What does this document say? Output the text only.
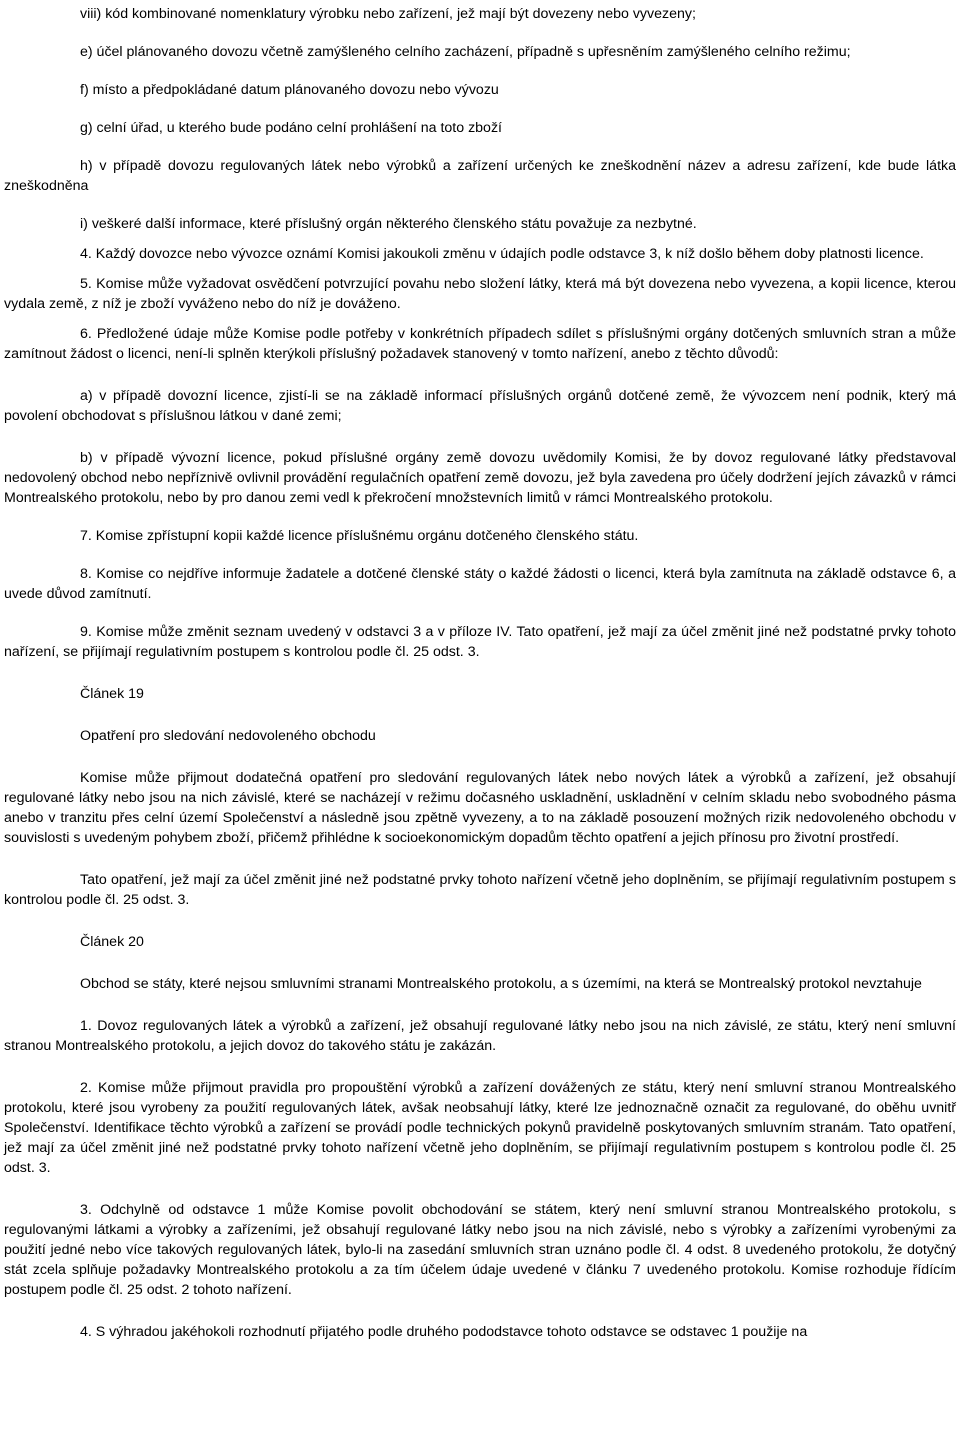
viii) kód kombinované nomenklatury výrobku nebo zařízení, jež mají být dovezeny nebo vyvezeny;

e) účel plánovaného dovozu včetně zamýšleného celního zacházení, případně s upřesněním zamýšleného celního režimu;

f) místo a předpokládané datum plánovaného dovozu nebo vývozu

g) celní úřad, u kterého bude podáno celní prohlášení na toto zboží

h) v případě dovozu regulovaných látek nebo výrobků a zařízení určených ke zneškodnění název a adresu zařízení, kde bude látka zneškodněna

i) veškeré další informace, které příslušný orgán některého členského státu považuje za nezbytné.

4. Každý dovozce nebo vývozce oznámí Komisi jakoukoli změnu v údajích podle odstavce 3, k níž došlo během doby platnosti licence.

5. Komise může vyžadovat osvědčení potvrzující povahu nebo složení látky, která má být dovezena nebo vyvezena, a kopii licence, kterou vydala země, z níž je zboží vyváženo nebo do níž je dováženo.

6. Předložené údaje může Komise podle potřeby v konkrétních případech sdílet s příslušnými orgány dotčených smluvních stran a může zamítnout žádost o licenci, není-li splněn kterýkoli příslušný požadavek stanovený v tomto nařízení, anebo z těchto důvodů:

a) v případě dovozní licence, zjistí-li se na základě informací příslušných orgánů dotčené země, že vývozcem není podnik, který má povolení obchodovat s příslušnou látkou v dané zemi;

b) v případě vývozní licence, pokud příslušné orgány země dovozu uvědomily Komisi, že by dovoz regulované látky představoval nedovolený obchod nebo nepříznivě ovlivnil provádění regulačních opatření země dovozu, jež byla zavedena pro účely dodržení jejích závazků v rámci Montrealského protokolu, nebo by pro danou zemi vedl k překročení množstevních limitů v rámci Montrealského protokolu.

7. Komise zpřístupní kopii každé licence příslušnému orgánu dotčeného členského státu.

8. Komise co nejdříve informuje žadatele a dotčené členské státy o každé žádosti o licenci, která byla zamítnuta na základě odstavce 6, a uvede důvod zamítnutí.

9. Komise může změnit seznam uvedený v odstavci 3 a v příloze IV. Tato opatření, jež mají za účel změnit jiné než podstatné prvky tohoto nařízení, se přijímají regulativním postupem s kontrolou podle čl. 25 odst. 3.

Článek 19

Opatření pro sledování nedovoleného obchodu

Komise může přijmout dodatečná opatření pro sledování regulovaných látek nebo nových látek a výrobků a zařízení, jež obsahují regulované látky nebo jsou na nich závislé, které se nacházejí v režimu dočasného uskladnění, uskladnění v celním skladu nebo svobodného pásma anebo v tranzitu přes celní území Společenství a následně jsou zpětně vyvezeny, a to na základě posouzení možných rizik nedovoleného obchodu v souvislosti s uvedeným pohybem zboží, přičemž přihlédne k socioekonomickým dopadům těchto opatření a jejich přínosu pro životní prostředí.

Tato opatření, jež mají za účel změnit jiné než podstatné prvky tohoto nařízení včetně jeho doplněním, se přijímají regulativním postupem s kontrolou podle čl. 25 odst. 3.

Článek 20

Obchod se státy, které nejsou smluvními stranami Montrealského protokolu, a s územími, na která se Montrealský protokol nevztahuje

1. Dovoz regulovaných látek a výrobků a zařízení, jež obsahují regulované látky nebo jsou na nich závislé, ze státu, který není smluvní stranou Montrealského protokolu, a jejich dovoz do takového státu je zakázán.

2. Komise může přijmout pravidla pro propouštění výrobků a zařízení dovážených ze státu, který není smluvní stranou Montrealského protokolu, které jsou vyrobeny za použití regulovaných látek, avšak neobsahují látky, které lze jednoznačně označit za regulované, do oběhu uvnitř Společenství. Identifikace těchto výrobků a zařízení se provádí podle technických pokynů pravidelně poskytovaných smluvním stranám. Tato opatření, jež mají za účel změnit jiné než podstatné prvky tohoto nařízení včetně jeho doplněním, se přijímají regulativním postupem s kontrolou podle čl. 25 odst. 3.

3. Odchylně od odstavce 1 může Komise povolit obchodování se státem, který není smluvní stranou Montrealského protokolu, s regulovanými látkami a výrobky a zařízeními, jež obsahují regulované látky nebo jsou na nich závislé, nebo s výrobky a zařízeními vyrobenými za použití jedné nebo více takových regulovaných látek, bylo-li na zasedání smluvních stran uznáno podle čl. 4 odst. 8 uvedeného protokolu, že dotyčný stát zcela splňuje požadavky Montrealského protokolu a za tím účelem údaje uvedené v článku 7 uvedeného protokolu. Komise rozhoduje řídícím postupem podle čl. 25 odst. 2 tohoto nařízení.

4. S výhradou jakéhokoli rozhodnutí přijatého podle druhého pododstavce tohoto odstavce se odstavec 1 použije na
